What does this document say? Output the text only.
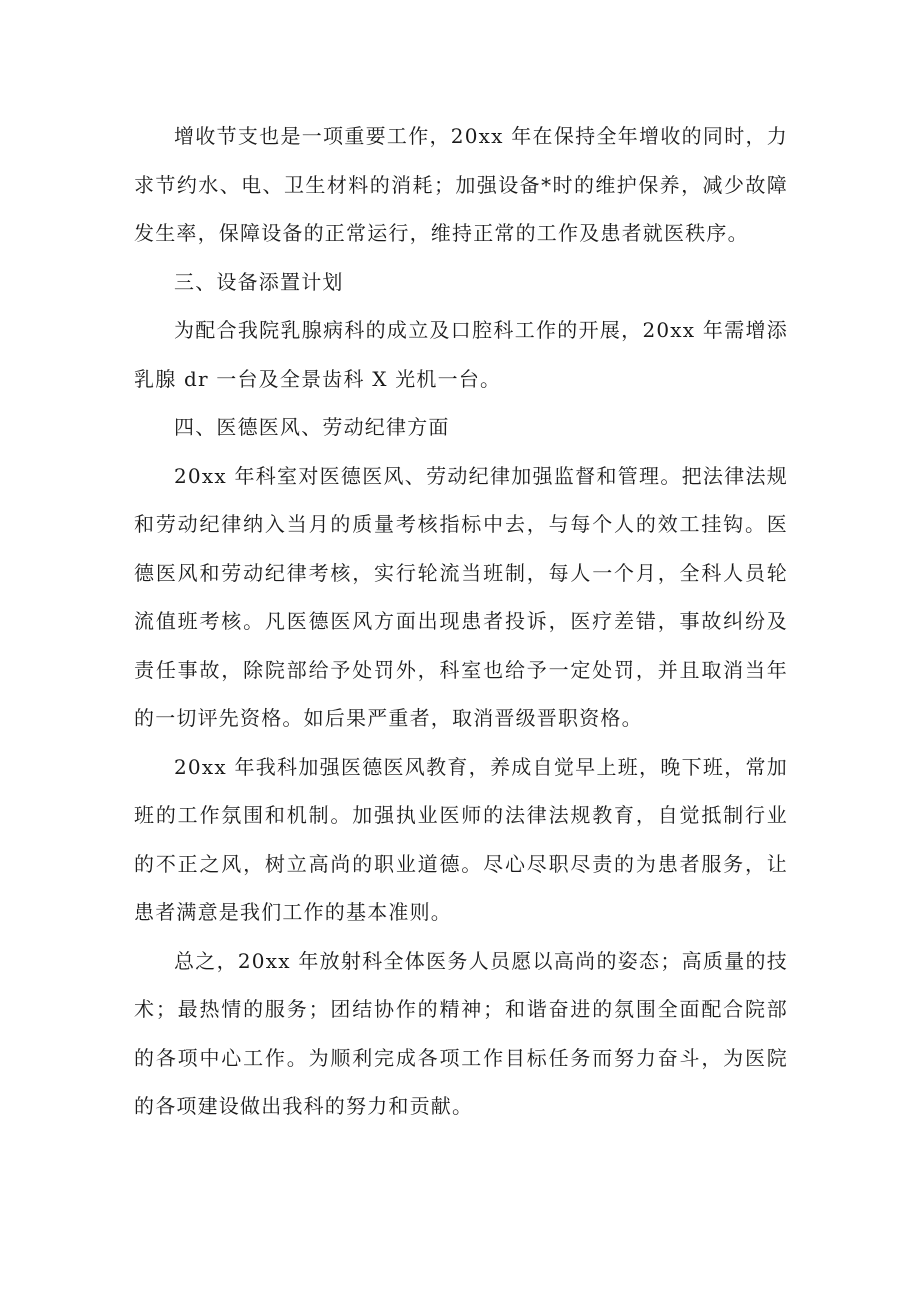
增收节支也是一项重要工作，20xx 年在保持全年增收的同时，力求节约水、电、卫生材料的消耗；加强设备*时的维护保养，减少故障发生率，保障设备的正常运行，维持正常的工作及患者就医秩序。

三、设备添置计划

为配合我院乳腺病科的成立及口腔科工作的开展，20xx 年需增添乳腺 dr 一台及全景齿科 X 光机一台。

四、医德医风、劳动纪律方面

20xx 年科室对医德医风、劳动纪律加强监督和管理。把法律法规和劳动纪律纳入当月的质量考核指标中去，与每个人的效工挂钩。医德医风和劳动纪律考核，实行轮流当班制，每人一个月，全科人员轮流值班考核。凡医德医风方面出现患者投诉，医疗差错，事故纠纷及责任事故，除院部给予处罚外，科室也给予一定处罚，并且取消当年的一切评先资格。如后果严重者，取消晋级晋职资格。

20xx 年我科加强医德医风教育，养成自觉早上班，晚下班，常加班的工作氛围和机制。加强执业医师的法律法规教育，自觉抵制行业的不正之风，树立高尚的职业道德。尽心尽职尽责的为患者服务，让患者满意是我们工作的基本准则。

总之，20xx 年放射科全体医务人员愿以高尚的姿态；高质量的技术；最热情的服务；团结协作的精神；和谐奋进的氛围全面配合院部的各项中心工作。为顺利完成各项工作目标任务而努力奋斗，为医院的各项建设做出我科的努力和贡献。
